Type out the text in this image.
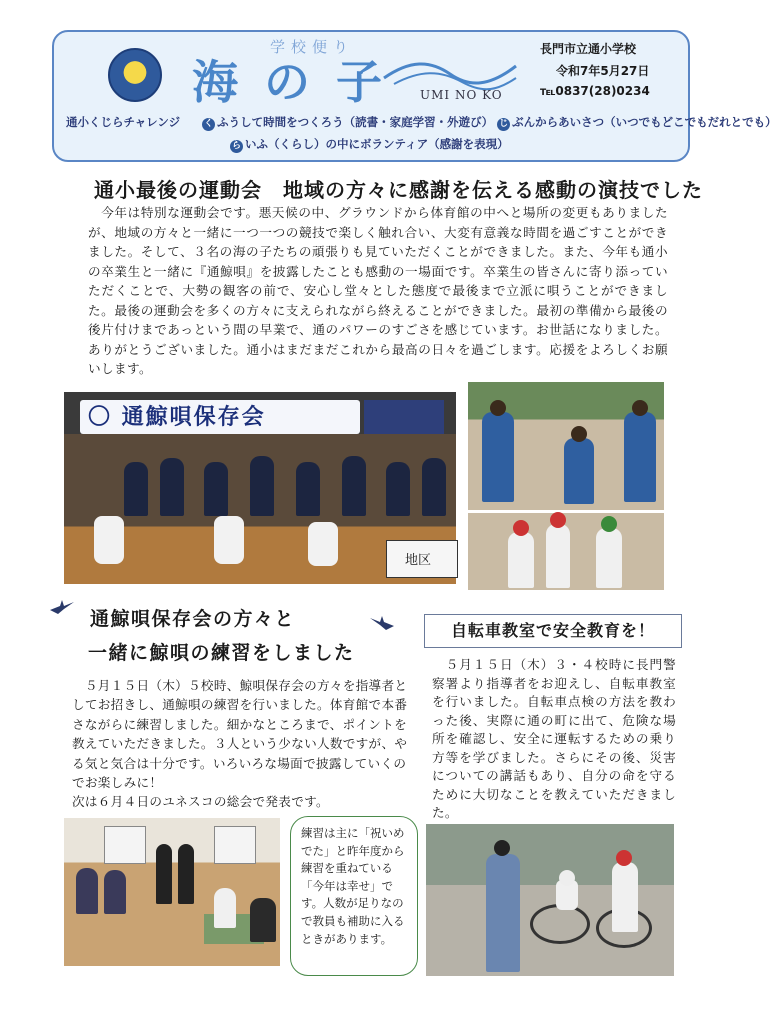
学校便り
海の子 UMI NO KO
長門市立通小学校
令和7年5月27日
℡0837(28)0234
通小くじらチャレンジ	く ふうして時間をつくろう（読書・家庭学習・外遊び） じ ぶんからあいさつ（いつでもどこでもだれとでも）
ら いふ（くらし）の中にボランティア（感謝を表現）
通小最後の運動会　地域の方々に感謝を伝える感動の演技でした
　今年は特別な運動会です。悪天候の中、グラウンドから体育館の中へと場所の変更もありましたが、地域の方々と一緒に一つ一つの競技で楽しく触れ合い、大変有意義な時間を過ごすことができました。そして、３名の海の子たちの頑張りも見ていただくことができました。また、今年も通小の卒業生と一緒に『通鯨唄』を披露したことも感動の一場面です。卒業生の皆さんに寄り添っていただくことで、大勢の観客の前で、安心し堂々とした態度で最後まで立派に唄うことができました。最後の運動会を多くの方々に支えられながら終えることができました。最初の準備から最後の後片付けまであっという間の早業で、通のパワーのすごさを感じています。お世話になりました。ありがとうございました。通小はまだまだこれから最高の日々を過ごします。応援をよろしくお願いします。
〇 通鯨唄保存会
地区
通鯨唄保存会の方々と
一緒に鯨唄の練習をしました
　５月１５日（木）５校時、鯨唄保存会の方々を指導者としてお招きし、通鯨唄の練習を行いました。体育館で本番さながらに練習しました。細かなところまで、ポイントを教えていただきました。３人という少ない人数ですが、やる気と気合は十分です。いろいろな場面で披露していくのでお楽しみに！
次は６月４日のユネスコの総会で発表です。
自転車教室で安全教育を！
　５月１５日（木）３・４校時に長門警察署より指導者をお迎えし、自転車教室を行いました。自転車点検の方法を教わった後、実際に通の町に出て、危険な場所を確認し、安全に運転するための乗り方等を学びました。さらにその後、災害についての講話もあり、自分の命を守るために大切なことを教えていただきました。
練習は主に「祝いめでた」と昨年度から練習を重ねている「今年は幸せ」です。人数が足りなので教員も補助に入るときがあります。
